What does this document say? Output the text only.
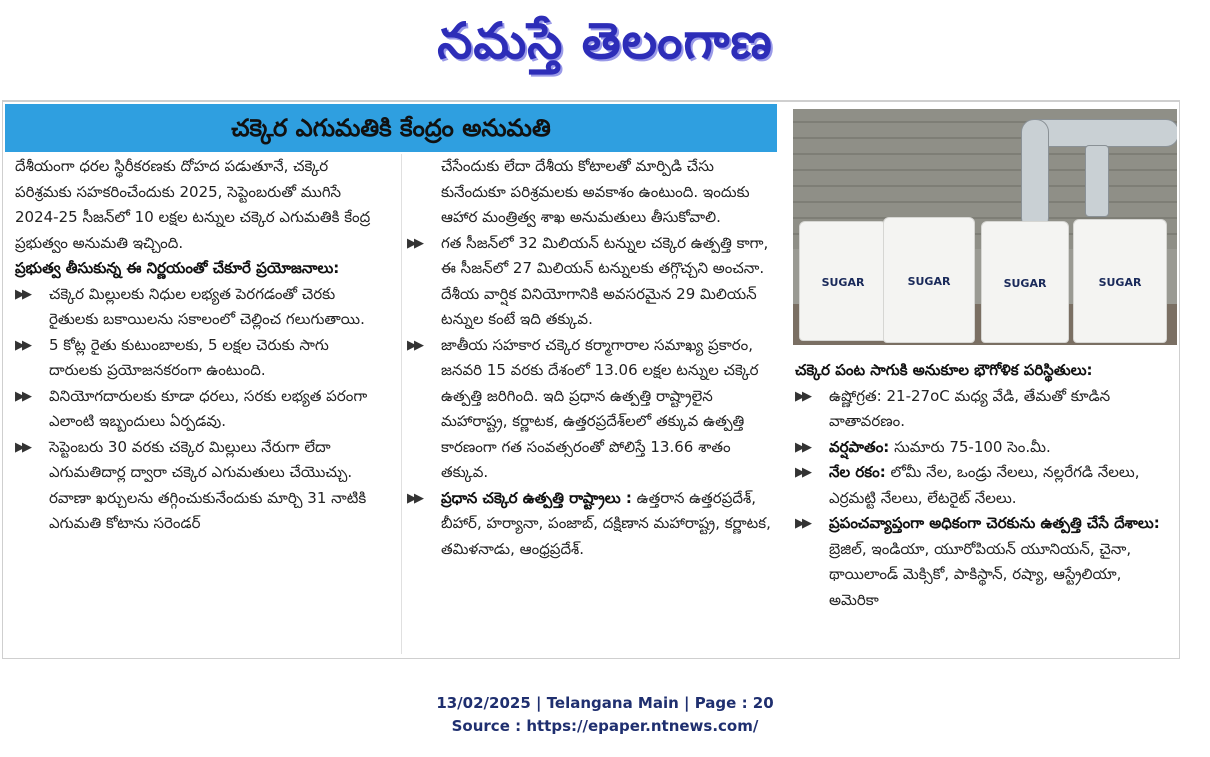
నమస్తే తెలంగాణ
చక్కెర ఎగుమతికి కేంద్రం అనుమతి

దేశీయంగా ధరల స్థిరీకరణకు దోహద పడుతూనే, చక్కెర పరిశ్రమకు సహకరించేందుకు 2025, సెప్టెంబరుతో ముగిసే 2024-25 సీజన్‌లో 10 లక్షల టన్నుల చక్కెర ఎగుమతికి కేంద్ర ప్రభుత్వం అనుమతి ఇచ్చింది.

ప్రభుత్వ తీసుకున్న ఈ నిర్ణయంతో చేకూరే ప్రయోజనాలు:

▶▶ చక్కెర మిల్లులకు నిధుల లభ్యత పెరగడంతో చెరకు రైతులకు బకాయిలను సకాలంలో చెల్లించ గలుగుతాయి.

▶▶ 5 కోట్ల రైతు కుటుంబాలకు, 5 లక్షల చెరుకు సాగు దారులకు ప్రయోజనకరంగా ఉంటుంది.

▶▶ వినియోగదారులకు కూడా ధరలు, సరకు లభ్యత పరంగా ఎలాంటి ఇబ్బందులు ఏర్పడవు.

▶▶ సెప్టెంబరు 30 వరకు చక్కెర మిల్లులు నేరుగా లేదా ఎగుమతిదార్ల ద్వారా చక్కెర ఎగుమతులు చేయొచ్చు. రవాణా ఖర్చులను తగ్గించుకునేందుకు మార్చి 31 నాటికి ఎగుమతి కోటాను సరెండర్

చేసేందుకు లేదా దేశీయ కోటాలతో మార్పిడి చేసు కునేందుకూ పరిశ్రమలకు అవకాశం ఉంటుంది. ఇందుకు ఆహార మంత్రిత్వ శాఖ అనుమతులు తీసుకోవాలి.

▶▶ గత సీజన్‌లో 32 మిలియన్ టన్నుల చక్కెర ఉత్పత్తి కాగా, ఈ సీజన్‌లో 27 మిలియన్ టన్నులకు తగ్గొచ్చని అంచనా. దేశీయ వార్షిక వినియోగానికి అవసరమైన 29 మిలియన్ టన్నుల కంటే ఇది తక్కువ.

▶▶ జాతీయ సహకార చక్కెర కర్మాగారాల సమాఖ్య ప్రకారం, జనవరి 15 వరకు దేశంలో 13.06 లక్షల టన్నుల చక్కెర ఉత్పత్తి జరిగింది. ఇది ప్రధాన ఉత్పత్తి రాష్ట్రాలైన మహారాష్ట్ర, కర్ణాటక, ఉత్తరప్రదేశ్‌లలో తక్కువ ఉత్పత్తి కారణంగా గత సంవత్సరంతో పోలిస్తే 13.66 శాతం తక్కువ.

▶▶ ప్రధాన చక్కెర ఉత్పత్తి రాష్ట్రాలు : ఉత్తరాన ఉత్తరప్రదేశ్, బీహార్, హర్యానా, పంజాబ్, దక్షిణాన మహారాష్ట్ర, కర్ణాటక, తమిళనాడు, ఆంధ్రప్రదేశ్.

SUGAR	SUGAR	SUGAR	SUGAR

చక్కెర పంట సాగుకి అనుకూల భౌగోళిక పరిస్థితులు:

▶▶ ఉష్ణోగ్రత: 21-27oC మధ్య వేడి, తేమతో కూడిన వాతావరణం.

▶▶ వర్షపాతం: సుమారు 75-100 సెం.మీ.

▶▶ నేల రకం: లోమీ నేల, ఒండ్రు నేలలు, నల్లరేగడి నేలలు, ఎర్రమట్టి నేలలు, లేటరైట్ నేలలు.

▶▶ ప్రపంచవ్యాప్తంగా అధికంగా చెరకును ఉత్పత్తి చేసే దేశాలు: బ్రెజిల్, ఇండియా, యూరోపియన్ యూనియన్, చైనా, థాయిలాండ్ మెక్సికో, పాకిస్థాన్, రష్యా, ఆస్ట్రేలియా, అమెరికా

13/02/2025 | Telangana Main | Page : 20
Source : https://epaper.ntnews.com/
